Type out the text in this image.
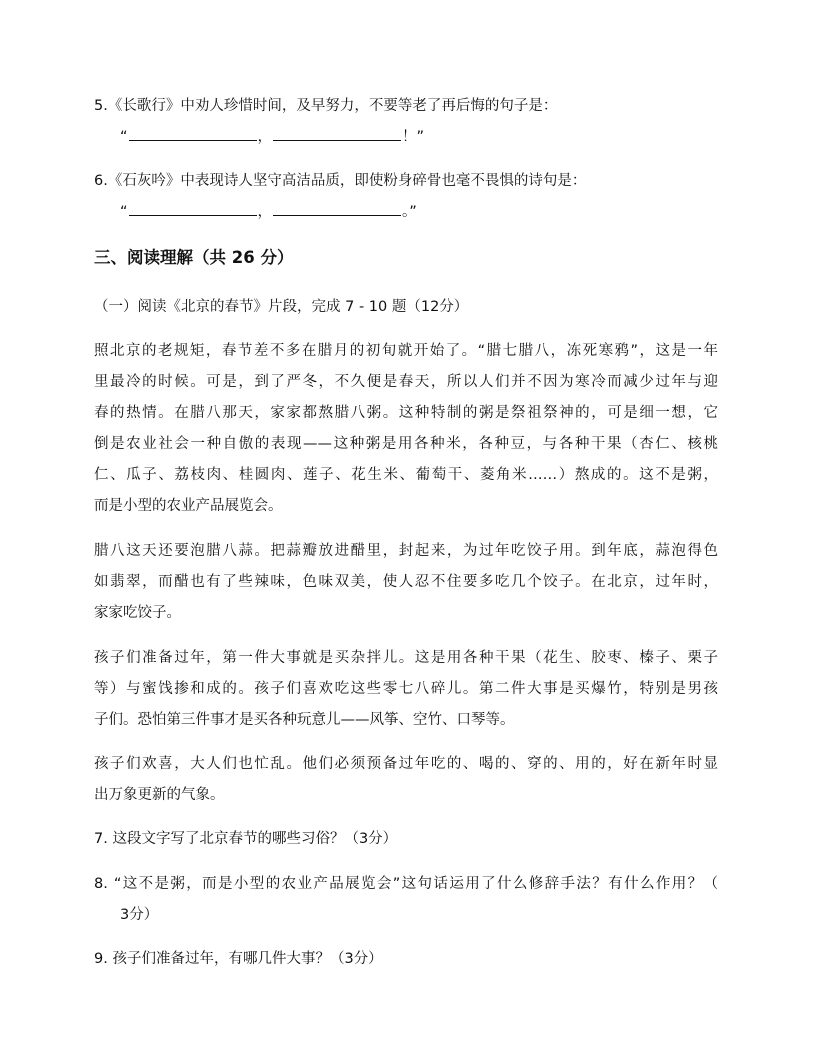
5.《长歌行》中劝人珍惜时间，及早努力，不要等老了再后悔的句子是：
“	，	！”
6.《石灰吟》中表现诗人坚守高洁品质，即使粉身碎骨也毫不畏惧的诗句是：
“	，	。”
三、阅读理解（共 26 分）
（一）阅读《北京的春节》片段，完成 7 - 10 题（12分）
照北京的老规矩，春节差不多在腊月的初旬就开始了。“腊七腊八，冻死寒鸦”，这是一年
里最冷的时候。可是，到了严冬，不久便是春天，所以人们并不因为寒冷而减少过年与迎
春的热情。在腊八那天，家家都熬腊八粥。这种特制的粥是祭祖祭神的，可是细一想，它
倒是农业社会一种自傲的表现——这种粥是用各种米，各种豆，与各种干果（杏仁、核桃
仁、瓜子、荔枝肉、桂圆肉、莲子、花生米、葡萄干、菱角米……）熬成的。这不是粥，
而是小型的农业产品展览会。
腊八这天还要泡腊八蒜。把蒜瓣放进醋里，封起来，为过年吃饺子用。到年底，蒜泡得色
如翡翠，而醋也有了些辣味，色味双美，使人忍不住要多吃几个饺子。在北京，过年时，
家家吃饺子。
孩子们准备过年，第一件大事就是买杂拌儿。这是用各种干果（花生、胶枣、榛子、栗子
等）与蜜饯掺和成的。孩子们喜欢吃这些零七八碎儿。第二件大事是买爆竹，特别是男孩
子们。恐怕第三件事才是买各种玩意儿——风筝、空竹、口琴等。
孩子们欢喜，大人们也忙乱。他们必须预备过年吃的、喝的、穿的、用的，好在新年时显
出万象更新的气象。
7. 这段文字写了北京春节的哪些习俗？（3分）
8. “这不是粥，而是小型的农业产品展览会”这句话运用了什么修辞手法？有什么作用？（
3分）
9. 孩子们准备过年，有哪几件大事？（3分）
